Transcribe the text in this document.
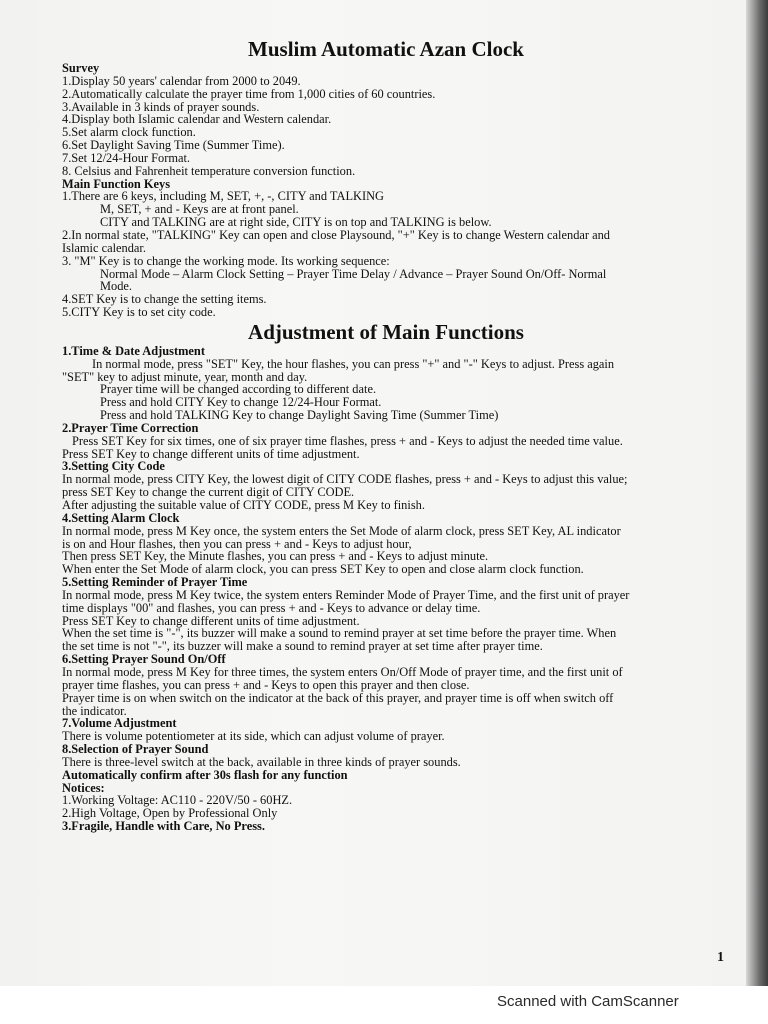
Muslim Automatic Azan Clock

Survey

1.Display 50 years' calendar from 2000 to 2049.

2.Automatically calculate the prayer time from 1,000 cities of 60 countries.

3.Available in 3 kinds of prayer sounds.

4.Display both Islamic calendar and Western calendar.

5.Set alarm clock function.

6.Set Daylight Saving Time (Summer Time).

7.Set 12/24-Hour Format.

8. Celsius and Fahrenheit temperature conversion function.

Main Function Keys

1.There are 6 keys, including M, SET, +, -, CITY and TALKING

M, SET, + and - Keys are at front panel.

CITY and TALKING are at right side, CITY is on top and TALKING is below.

2.In normal state, "TALKING" Key can open and close Playsound, "+" Key is to change Western calendar and

Islamic calendar.

3. "M" Key is to change the working mode. Its working sequence:

Normal Mode – Alarm Clock Setting – Prayer Time Delay / Advance – Prayer Sound On/Off- Normal

Mode.

4.SET Key is to change the setting items.

5.CITY Key is to set city code.

Adjustment of Main Functions

1.Time & Date Adjustment

In normal mode, press "SET" Key, the hour flashes, you can press "+" and "-" Keys to adjust. Press again

"SET" key to adjust minute, year, month and day.

Prayer time will be changed according to different date.

Press and hold CITY Key to change 12/24-Hour Format.

Press and hold TALKING Key to change Daylight Saving Time (Summer Time)

2.Prayer Time Correction

Press SET Key for six times, one of six prayer time flashes, press + and - Keys to adjust the needed time value.

Press SET Key to change different units of time adjustment.

3.Setting City Code

In normal mode, press CITY Key, the lowest digit of CITY CODE flashes, press + and - Keys to adjust this value;

press SET Key to change the current digit of CITY CODE.

After adjusting the suitable value of CITY CODE, press M Key to finish.

4.Setting Alarm Clock

In normal mode, press M Key once, the system enters the Set Mode of alarm clock, press SET Key, AL indicator

is on and Hour flashes, then you can press + and - Keys to adjust hour,

Then press SET Key, the Minute flashes, you can press + and - Keys to adjust minute.

When enter the Set Mode of alarm clock, you can press SET Key to open and close alarm clock function.

5.Setting Reminder of Prayer Time

In normal mode, press M Key twice, the system enters Reminder Mode of Prayer Time, and the first unit of prayer

time displays "00" and flashes, you can press + and - Keys to advance or delay time.

Press SET Key to change different units of time adjustment.

When the set time is "-", its buzzer will make a sound to remind prayer at set time before the prayer time. When

the set time is not "-", its buzzer will make a sound to remind prayer at set time after prayer time.

6.Setting Prayer Sound On/Off

In normal mode, press M Key for three times, the system enters On/Off Mode of prayer time, and the first unit of

prayer time flashes, you can press + and - Keys to open this prayer and then close.

Prayer time is on when switch on the indicator at the back of this prayer, and prayer time is off when switch off

the indicator.

7.Volume Adjustment

There is volume potentiometer at its side, which can adjust volume of prayer.

8.Selection of Prayer Sound

There is three-level switch at the back, available in three kinds of prayer sounds.

Automatically confirm after 30s flash for any function

Notices:

1.Working Voltage: AC110 - 220V/50 - 60HZ.

2.High Voltage, Open by Professional Only

3.Fragile, Handle with Care, No Press.

1
Scanned with CamScanner
